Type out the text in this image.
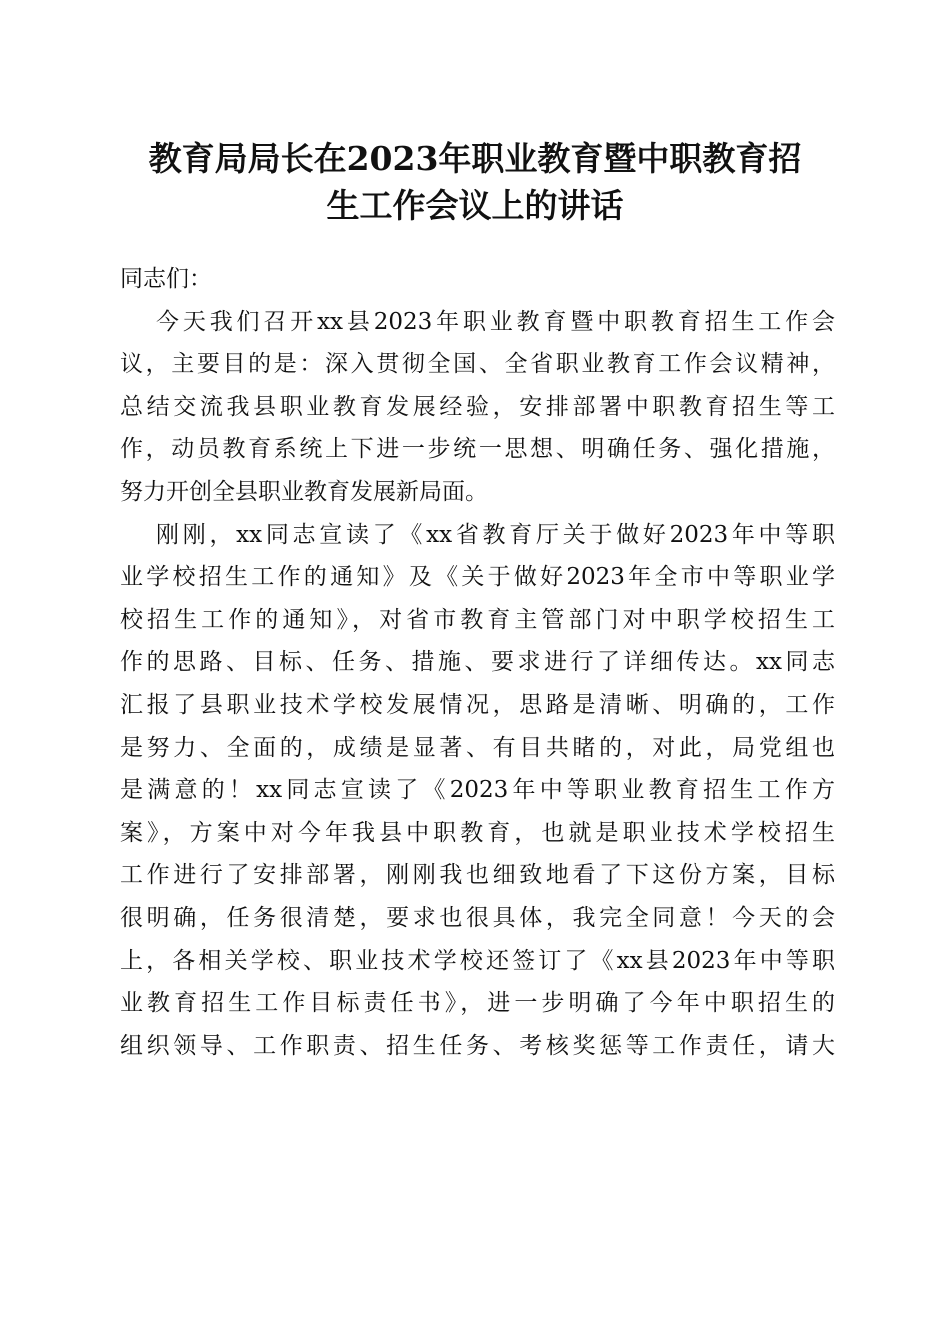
教育局局长在2023年职业教育暨中职教育招
生工作会议上的讲话
同志们：
今天我们召开xx县2023年职业教育暨中职教育招生工作会
议，主要目的是：深入贯彻全国、全省职业教育工作会议精神，
总结交流我县职业教育发展经验，安排部署中职教育招生等工
作，动员教育系统上下进一步统一思想、明确任务、强化措施，
努力开创全县职业教育发展新局面。
刚刚，xx同志宣读了《xx省教育厅关于做好2023年中等职
业学校招生工作的通知》及《关于做好2023年全市中等职业学
校招生工作的通知》，对省市教育主管部门对中职学校招生工
作的思路、目标、任务、措施、要求进行了详细传达。xx同志
汇报了县职业技术学校发展情况，思路是清晰、明确的，工作
是努力、全面的，成绩是显著、有目共睹的，对此，局党组也
是满意的！xx同志宣读了《2023年中等职业教育招生工作方
案》，方案中对今年我县中职教育，也就是职业技术学校招生
工作进行了安排部署，刚刚我也细致地看了下这份方案，目标
很明确，任务很清楚，要求也很具体，我完全同意！今天的会
上，各相关学校、职业技术学校还签订了《xx县2023年中等职
业教育招生工作目标责任书》，进一步明确了今年中职招生的
组织领导、工作职责、招生任务、考核奖惩等工作责任，请大
